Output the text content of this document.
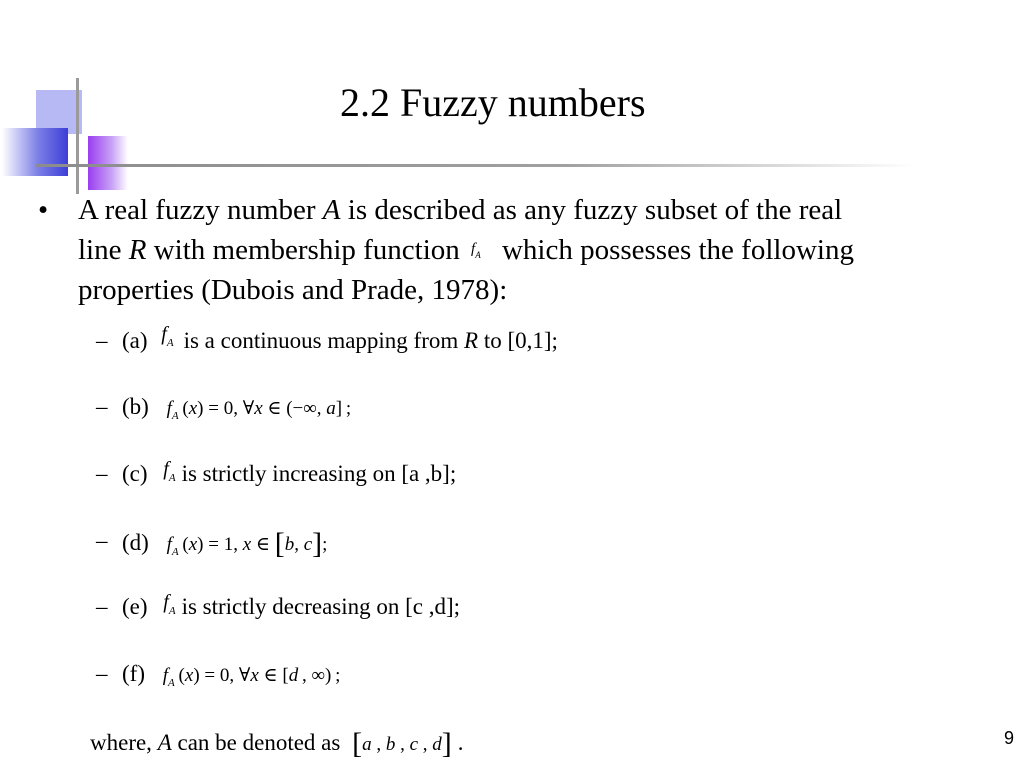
2.2 Fuzzy numbers
• A real fuzzy number A is described as any fuzzy subset of the real
line R with membership function $^{f_A}$ which possesses the following
properties (Dubois and Prade, 1978):
– (a) $f_A$ is a continuous mapping from R to [0,1];
– (b) $f_A$ (x) = 0, ∀x ∈ (−∞, a] ;
– (c) $f_A$ is strictly increasing on [a ,b];
– (d) $f_A$ (x) = 1, x ∈ [b, c];
– (e) $f_A$ is strictly decreasing on [c ,d];
– (f) $f_A$ (x) = 0, ∀x ∈ [d , ∞) ;
where, A can be denoted as [a , b , c , d] .	9
